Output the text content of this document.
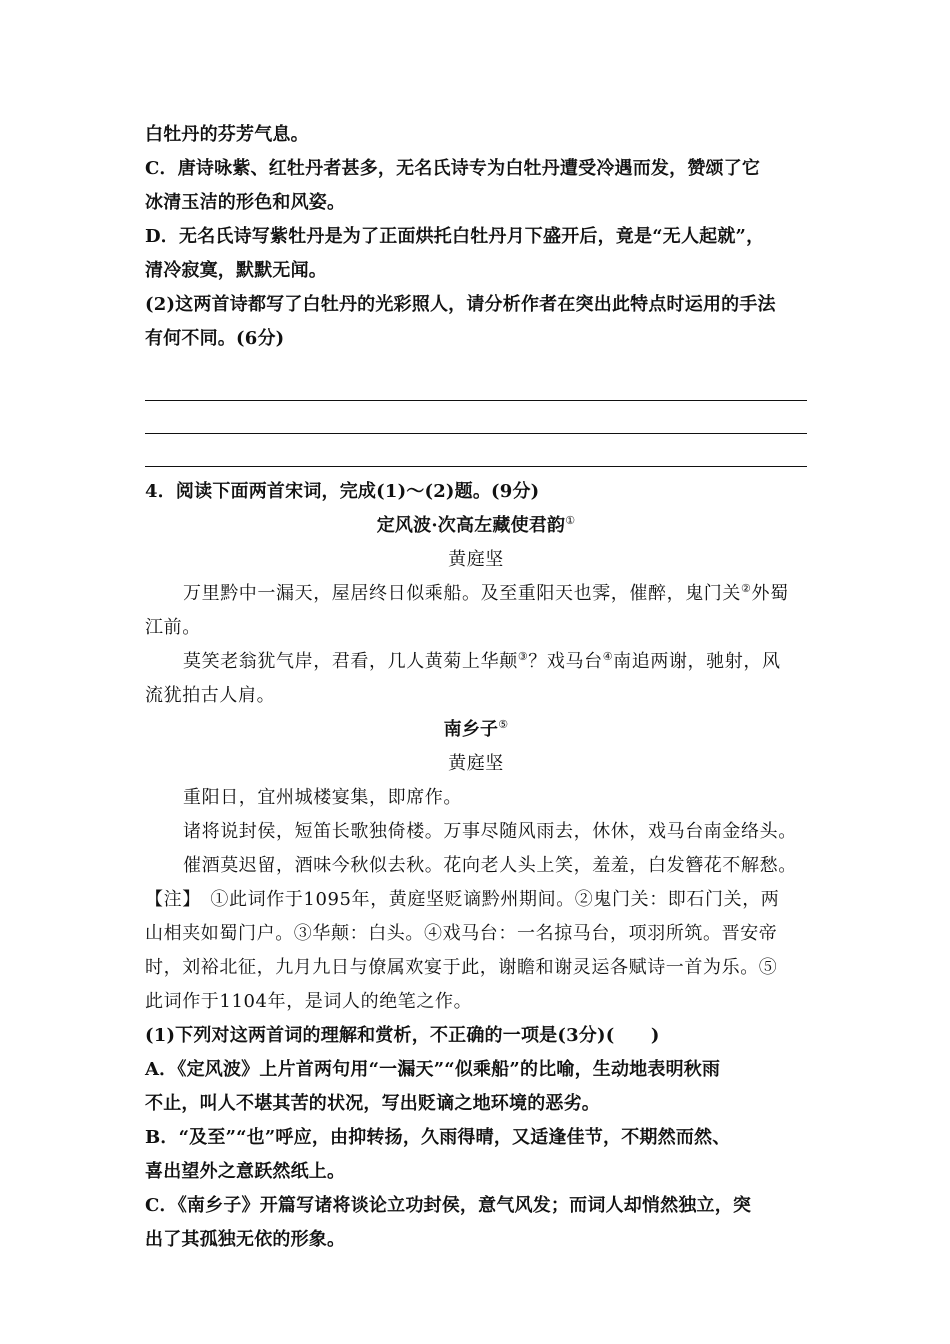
白牡丹的芬芳气息。
C．唐诗咏紫、红牡丹者甚多，无名氏诗专为白牡丹遭受冷遇而发，赞颂了它
冰清玉洁的形色和风姿。
D．无名氏诗写紫牡丹是为了正面烘托白牡丹月下盛开后，竟是“无人起就”，
清冷寂寞，默默无闻。
(2)这两首诗都写了白牡丹的光彩照人，请分析作者在突出此特点时运用的手法
有何不同。(6分)
4．阅读下面两首宋词，完成(1)～(2)题。(9分)
定风波·次高左藏使君韵①
黄庭坚
万里黔中一漏天，屋居终日似乘船。及至重阳天也霁，催醉，鬼门关②外蜀
江前。
莫笑老翁犹气岸，君看，几人黄菊上华颠③？戏马台④南追两谢，驰射，风
流犹拍古人肩。
南乡子⑤
黄庭坚
重阳日，宜州城楼宴集，即席作。
诸将说封侯，短笛长歌独倚楼。万事尽随风雨去，休休，戏马台南金络头。
催酒莫迟留，酒味今秋似去秋。花向老人头上笑，羞羞，白发簪花不解愁。
【注】　①此词作于1095年，黄庭坚贬谪黔州期间。②鬼门关：即石门关，两
山相夹如蜀门户。③华颠：白头。④戏马台：一名掠马台，项羽所筑。晋安帝
时，刘裕北征，九月九日与僚属欢宴于此，谢瞻和谢灵运各赋诗一首为乐。⑤
此词作于1104年，是词人的绝笔之作。
(1)下列对这两首词的理解和赏析，不正确的一项是(3分)(　　)
A．《定风波》上片首两句用“一漏天”“似乘船”的比喻，生动地表明秋雨
不止，叫人不堪其苦的状况，写出贬谪之地环境的恶劣。
B．“及至”“也”呼应，由抑转扬，久雨得晴，又适逢佳节，不期然而然、
喜出望外之意跃然纸上。
C．《南乡子》开篇写诸将谈论立功封侯，意气风发；而词人却悄然独立，突
出了其孤独无依的形象。
